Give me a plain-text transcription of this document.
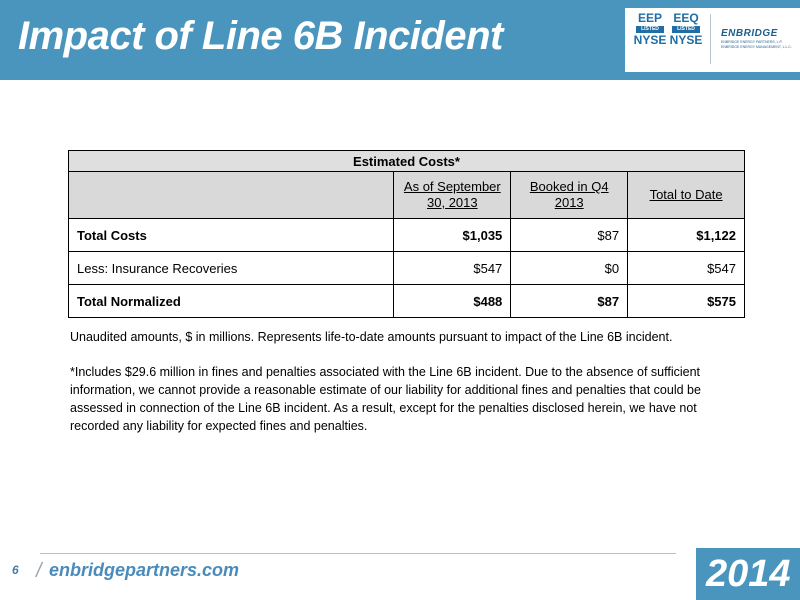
Impact of Line 6B Incident	EEP
LISTED
NYSE
EEQ
LISTED
NYSE ENBRIDGE
ENBRIDGE ENERGY PARTNERS, L.P.
ENBRIDGE ENERGY MANAGEMENT, L.L.C.
Estimated Costs*			
	As of September 30, 2013	Booked in Q4 2013	Total to Date
Total Costs	$1,035	$87	$1,122
Less: Insurance Recoveries	$547	$0	$547
Total Normalized	$488	$87	$575
Unaudited amounts, $ in millions. Represents life-to-date amounts pursuant to impact of the Line 6B incident.
*Includes $29.6 million in fines and penalties associated with the Line 6B incident. Due to the absence of sufficient information, we cannot provide a reasonable estimate of our liability for additional fines and penalties that could be assessed in connection of the Line 6B incident. As a result, except for the penalties disclosed herein, we have not recorded any liability for expected fines and penalties.
6 / enbridgepartners.com	2014
